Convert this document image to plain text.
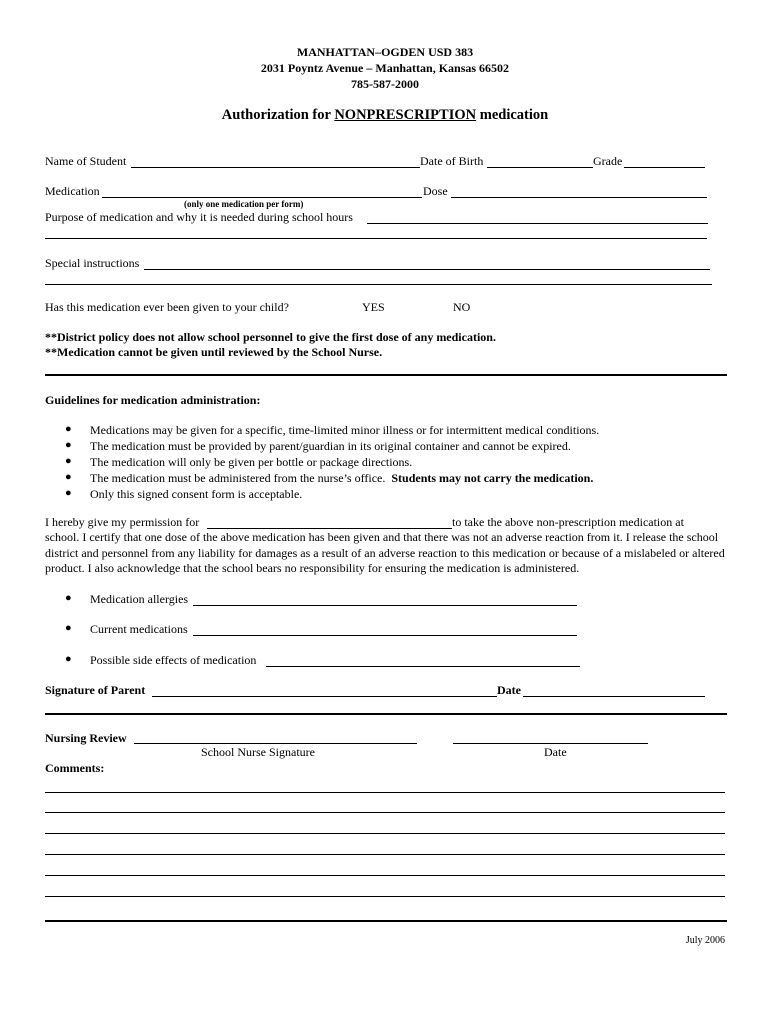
MANHATTAN–OGDEN USD 383
2031 Poyntz Avenue – Manhattan, Kansas 66502
785-587-2000
Authorization for NONPRESCRIPTION medication
Name of Student	Date of Birth	Grade
Medication	Dose
(only one medication per form)
Purpose of medication and why it is needed during school hours
Special instructions
Has this medication ever been given to your child?	YES	NO
**District policy does not allow school personnel to give the first dose of any medication.
**Medication cannot be given until reviewed by the School Nurse.
Guidelines for medication administration:
● Medications may be given for a specific, time-limited minor illness or for intermittent medical conditions.
● The medication must be provided by parent/guardian in its original container and cannot be expired.
● The medication will only be given per bottle or package directions.
● The medication must be administered from the nurse’s office. Students may not carry the medication.
● Only this signed consent form is acceptable.
I hereby give my permission for	to take the above non-prescription medication at
school. I certify that one dose of the above medication has been given and that there was not an adverse reaction from it. I release the school district and personnel from any liability for damages as a result of an adverse reaction to this medication or because of a mislabeled or altered product. I also acknowledge that the school bears no responsibility for ensuring the medication is administered.
● Medication allergies
● Current medications
● Possible side effects of medication
Signature of Parent	Date
Nursing Review
School Nurse Signature	Date
Comments:
July 2006
